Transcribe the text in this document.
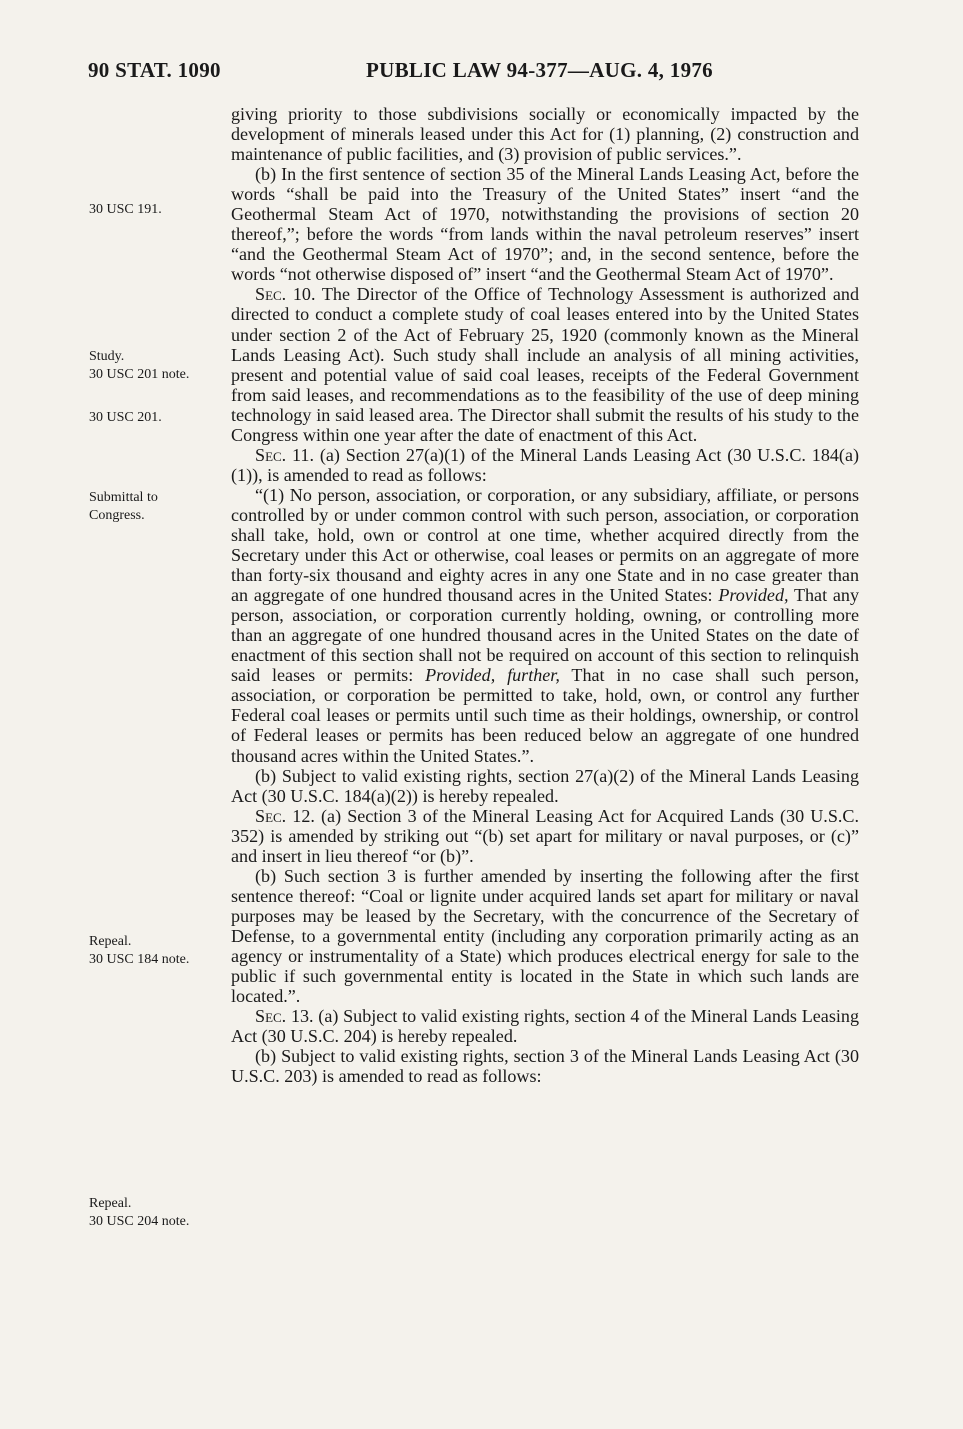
90 STAT. 1090	PUBLIC LAW 94-377—AUG. 4, 1976
30 USC 191.
Study.
30 USC 201 note.
30 USC 201.
Submittal to
Congress.
Repeal.
30 USC 184 note.
Repeal.
30 USC 204 note.

giving priority to those subdivisions socially or economically impacted by the development of minerals leased under this Act for (1) planning, (2) construction and maintenance of public facilities, and (3) provision of public services.”.

(b) In the first sentence of section 35 of the Mineral Lands Leasing Act, before the words “shall be paid into the Treasury of the United States” insert “and the Geothermal Steam Act of 1970, notwithstanding the provisions of section 20 thereof,”; before the words “from lands within the naval petroleum reserves” insert “and the Geothermal Steam Act of 1970”; and, in the second sentence, before the words “not otherwise disposed of” insert “and the Geothermal Steam Act of 1970”.

Sec. 10. The Director of the Office of Technology Assessment is authorized and directed to conduct a complete study of coal leases entered into by the United States under section 2 of the Act of February 25, 1920 (commonly known as the Mineral Lands Leasing Act). Such study shall include an analysis of all mining activities, present and potential value of said coal leases, receipts of the Federal Government from said leases, and recommendations as to the feasibility of the use of deep mining technology in said leased area. The Director shall submit the results of his study to the Congress within one year after the date of enactment of this Act.

Sec. 11. (a) Section 27(a)(1) of the Mineral Lands Leasing Act (30 U.S.C. 184(a)(1)), is amended to read as follows:

“(1) No person, association, or corporation, or any subsidiary, affiliate, or persons controlled by or under common control with such person, association, or corporation shall take, hold, own or control at one time, whether acquired directly from the Secretary under this Act or otherwise, coal leases or permits on an aggregate of more than forty-six thousand and eighty acres in any one State and in no case greater than an aggregate of one hundred thousand acres in the United States: Provided, That any person, association, or corporation currently holding, owning, or controlling more than an aggregate of one hundred thousand acres in the United States on the date of enactment of this section shall not be required on account of this section to relinquish said leases or permits: Provided, further, That in no case shall such person, association, or corporation be permitted to take, hold, own, or control any further Federal coal leases or permits until such time as their holdings, ownership, or control of Federal leases or permits has been reduced below an aggregate of one hundred thousand acres within the United States.”.

(b) Subject to valid existing rights, section 27(a)(2) of the Mineral Lands Leasing Act (30 U.S.C. 184(a)(2)) is hereby repealed.

Sec. 12. (a) Section 3 of the Mineral Leasing Act for Acquired Lands (30 U.S.C. 352) is amended by striking out “(b) set apart for military or naval purposes, or (c)” and insert in lieu thereof “or (b)”.

(b) Such section 3 is further amended by inserting the following after the first sentence thereof: “Coal or lignite under acquired lands set apart for military or naval purposes may be leased by the Secretary, with the concurrence of the Secretary of Defense, to a governmental entity (including any corporation primarily acting as an agency or instrumentality of a State) which produces electrical energy for sale to the public if such governmental entity is located in the State in which such lands are located.”.

Sec. 13. (a) Subject to valid existing rights, section 4 of the Mineral Lands Leasing Act (30 U.S.C. 204) is hereby repealed.

(b) Subject to valid existing rights, section 3 of the Mineral Lands Leasing Act (30 U.S.C. 203) is amended to read as follows:
